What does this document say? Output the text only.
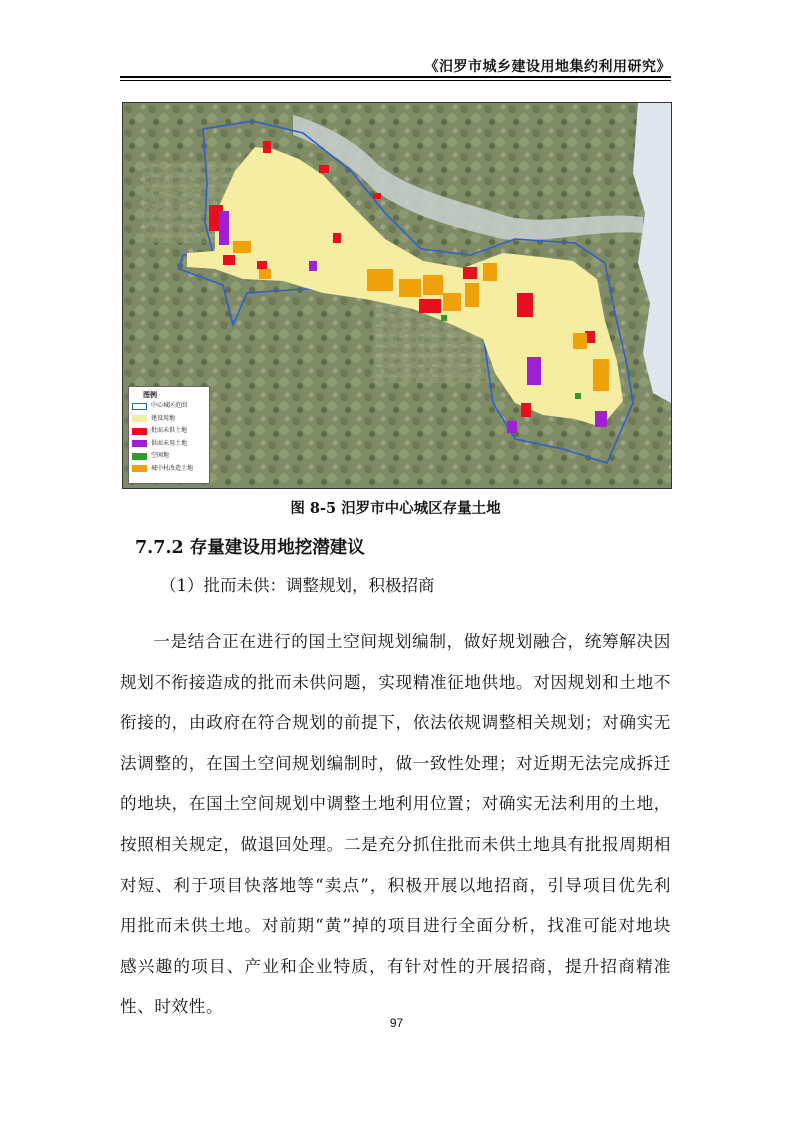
《汨罗市城乡建设用地集约利用研究》
图例
中心城区范围
建设用地
批而未供土地
供而未用土地
空闲地
城中村改造土地
图 8-5 汨罗市中心城区存量土地
7.7.2 存量建设用地挖潜建议
（1）批而未供：调整规划，积极招商

一是结合正在进行的国土空间规划编制，做好规划融合，统筹解决因规划不衔接造成的批而未供问题，实现精准征地供地。对因规划和土地不衔接的，由政府在符合规划的前提下，依法依规调整相关规划；对确实无法调整的，在国土空间规划编制时，做一致性处理；对近期无法完成拆迁的地块，在国土空间规划中调整土地利用位置；对确实无法利用的土地，按照相关规定，做退回处理。二是充分抓住批而未供土地具有批报周期相对短、利于项目快落地等“卖点”，积极开展以地招商，引导项目优先利用批而未供土地。对前期“黄”掉的项目进行全面分析，找准可能对地块感兴趣的项目、产业和企业特质，有针对性的开展招商，提升招商精准性、时效性。

97
